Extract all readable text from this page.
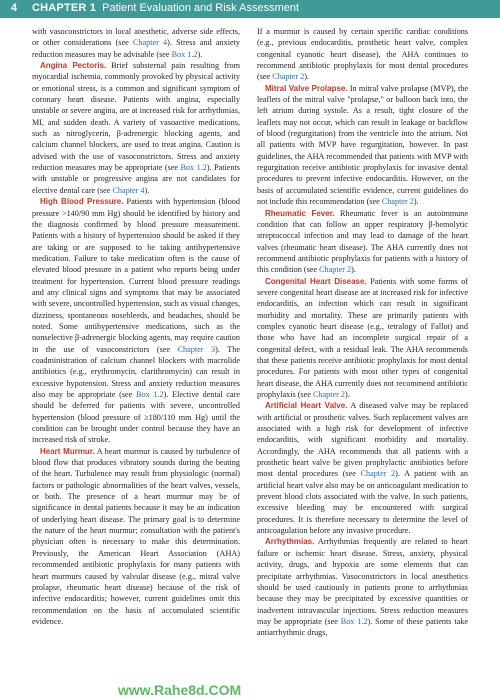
4 CHAPTER 1 Patient Evaluation and Risk Assessment

with vasoconstrictors in local anesthetic, adverse side effects, or other considerations (see Chapter 4). Stress and anxiety reduction measures may be advisable (see Box 1.2).

Angina Pectoris. Brief substernal pain resulting from myocardial ischemia, commonly provoked by physical activity or emotional stress, is a common and significant symptom of coronary heart disease. Patients with angina, especially unstable or severe angina, are at increased risk for arrhythmias, MI, and sudden death. A variety of vasoactive medications, such as nitroglycerin, β-adrenergic blocking agents, and calcium channel blockers, are used to treat angina. Caution is advised with the use of vasoconstrictors. Stress and anxiety reduction measures may be appropriate (see Box 1.2). Patients with unstable or progressive angina are not candidates for elective dental care (see Chapter 4).

High Blood Pressure. Patients with hypertension (blood pressure >140/90 mm Hg) should be identified by history and the diagnosis confirmed by blood pressure measurement. Patients with a history of hypertension should be asked if they are taking or are supposed to be taking antihypertensive medication. Failure to take medication often is the cause of elevated blood pressure in a patient who reports being under treatment for hypertension. Current blood pressure readings and any clinical signs and symptoms that may be associated with severe, uncontrolled hypertension, such as visual changes, dizziness, spontaneous nosebleeds, and headaches, should be noted. Some antihypertensive medications, such as the nonselective β-adrenergic blocking agents, may require caution in the use of vasoconstrictors (see Chapter 3). The coadministration of calcium channel blockers with macrolide antibiotics (e.g., erythromycin, clarithromycin) can result in excessive hypotension. Stress and anxiety reduction measures also may be appropriate (see Box 1.2). Elective dental care should be deferred for patients with severe, uncontrolled hypertension (blood pressure of ≥180/110 mm Hg) until the condition can be brought under control because they have an increased risk of stroke.

Heart Murmur. A heart murmur is caused by turbulence of blood flow that produces vibratory sounds during the beating of the heart. Turbulence may result from physiologic (normal) factors or pathologic abnormalities of the heart valves, vessels, or both. The presence of a heart murmur may be of significance in dental patients because it may be an indication of underlying heart disease. The primary goal is to determine the nature of the heart murmur; consultation with the patient's physician often is necessary to make this determination. Previously, the American Heart Association (AHA) recommended antibiotic prophylaxis for many patients with heart murmurs caused by valvular disease (e.g., mitral valve prolapse, rheumatic heart disease) because of the risk of infective endocarditis; however, current guidelines omit this recommendation on the basis of accumulated scientific evidence.

If a murmur is caused by certain specific cardiac conditions (e.g., previous endocarditis, prosthetic heart valve, complex congenital cyanotic heart disease), the AHA continues to recommend antibiotic prophylaxis for most dental procedures (see Chapter 2).

Mitral Valve Prolapse. In mitral valve prolapse (MVP), the leaflets of the mitral valve "prolapse," or balloon back into, the left atrium during systole. As a result, tight closure of the leaflets may not occur, which can result in leakage or backflow of blood (regurgitation) from the ventricle into the atrium. Not all patients with MVP have regurgitation, however. In past guidelines, the AHA recommended that patients with MVP with regurgitation receive antibiotic prophylaxis for invasive dental procedures to prevent infective endocarditis. However, on the basis of accumulated scientific evidence, current guidelines do not include this recommendation (see Chapter 2).

Rheumatic Fever. Rheumatic fever is an autoimmune condition that can follow an upper respiratory β-hemolytic streptococcal infection and may lead to damage of the heart valves (rheumatic heart disease). The AHA currently does not recommend antibiotic prophylaxis for patients with a history of this condition (see Chapter 2).

Congenital Heart Disease. Patients with some forms of severe congenital heart disease are at increased risk for infective endocarditis, an infection which can result in significant morbidity and mortality. These are primarily patients with complex cyanotic heart disease (e.g., tetralogy of Fallot) and those who have had an incomplete surgical repair of a congenital defect, with a residual leak. The AHA recommends that these patients receive antibiotic prophylaxis for most dental procedures. For patients with most other types of congenital heart disease, the AHA currently does not recommend antibiotic prophylaxis (see Chapter 2).

Artificial Heart Valve. A diseased valve may be replaced with artificial or prosthetic valves. Such replacement valves are associated with a high risk for development of infective endocarditis, with significant morbidity and mortality. Accordingly, the AHA recommends that all patients with a prosthetic heart valve be given prophylactic antibiotics before most dental procedures (see Chapter 2). A patient with an artificial heart valve also may be on anticoagulant medication to prevent blood clots associated with the valve. In such patients, excessive bleeding may be encountered with surgical procedures. It is therefore necessary to determine the level of anticoagulation before any invasive procedure.

Arrhythmias. Arrhythmias frequently are related to heart failure or ischemic heart disease. Stress, anxiety, physical activity, drugs, and hypoxia are some elements that can precipitate arrhythmias. Vasoconstrictors in local anesthetics should be used cautiously in patients prone to arrhythmias because they may be precipitated by excessive quantities or inadvertent intravascular injections. Stress reduction measures may be appropriate (see Box 1.2). Some of these patients take antiarrhythmic drugs,

www.Rahe8d.COM
